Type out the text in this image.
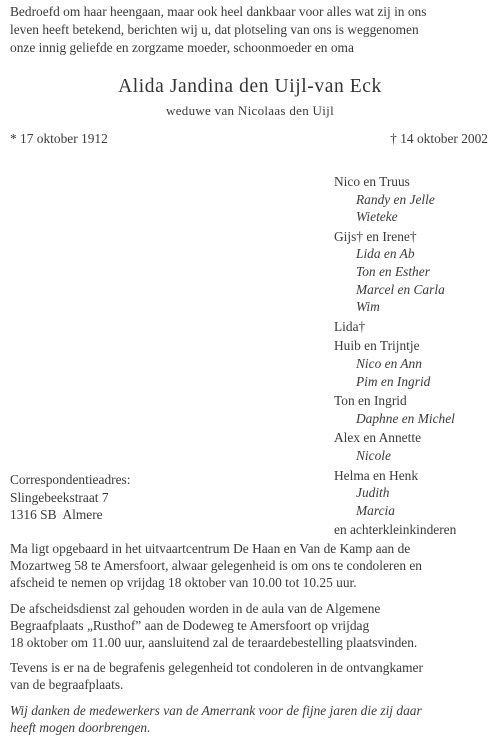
Bedroefd om haar heengaan, maar ook heel dankbaar voor alles wat zij in ons
leven heeft betekend, berichten wij u, dat plotseling van ons is weggenomen
onze innig geliefde en zorgzame moeder, schoonmoeder en oma
Alida Jandina den Uijl-van Eck
weduwe van Nicolaas den Uijl
* 17 oktober 1912	† 14 oktober 2002
Nico en Truus
Randy en Jelle
Wieteke
Gijs† en Irene†
Lida en Ab
Ton en Esther
Marcel en Carla
Wim
Lida†
Huib en Trijntje
Nico en Ann
Pim en Ingrid
Ton en Ingrid
Daphne en Michel
Alex en Annette
Nicole
Helma en Henk
Judith
Marcia
en achterkleinkinderen
Correspondentieadres:
Slingebeekstraat 7
1316 SB  Almere

Ma ligt opgebaard in het uitvaartcentrum De Haan en Van de Kamp aan de
Mozartweg 58 te Amersfoort, alwaar gelegenheid is om ons te condoleren en
afscheid te nemen op vrijdag 18 oktober van 10.00 tot 10.25 uur.

De afscheidsdienst zal gehouden worden in de aula van de Algemene
Begraafplaats „Rusthof” aan de Dodeweg te Amersfoort op vrijdag
18 oktober om 11.00 uur, aansluitend zal de teraardebestelling plaatsvinden.

Tevens is er na de begrafenis gelegenheid tot condoleren in de ontvangkamer
van de begraafplaats.

Wij danken de medewerkers van de Amerrank voor de fijne jaren die zij daar
heeft mogen doorbrengen.
